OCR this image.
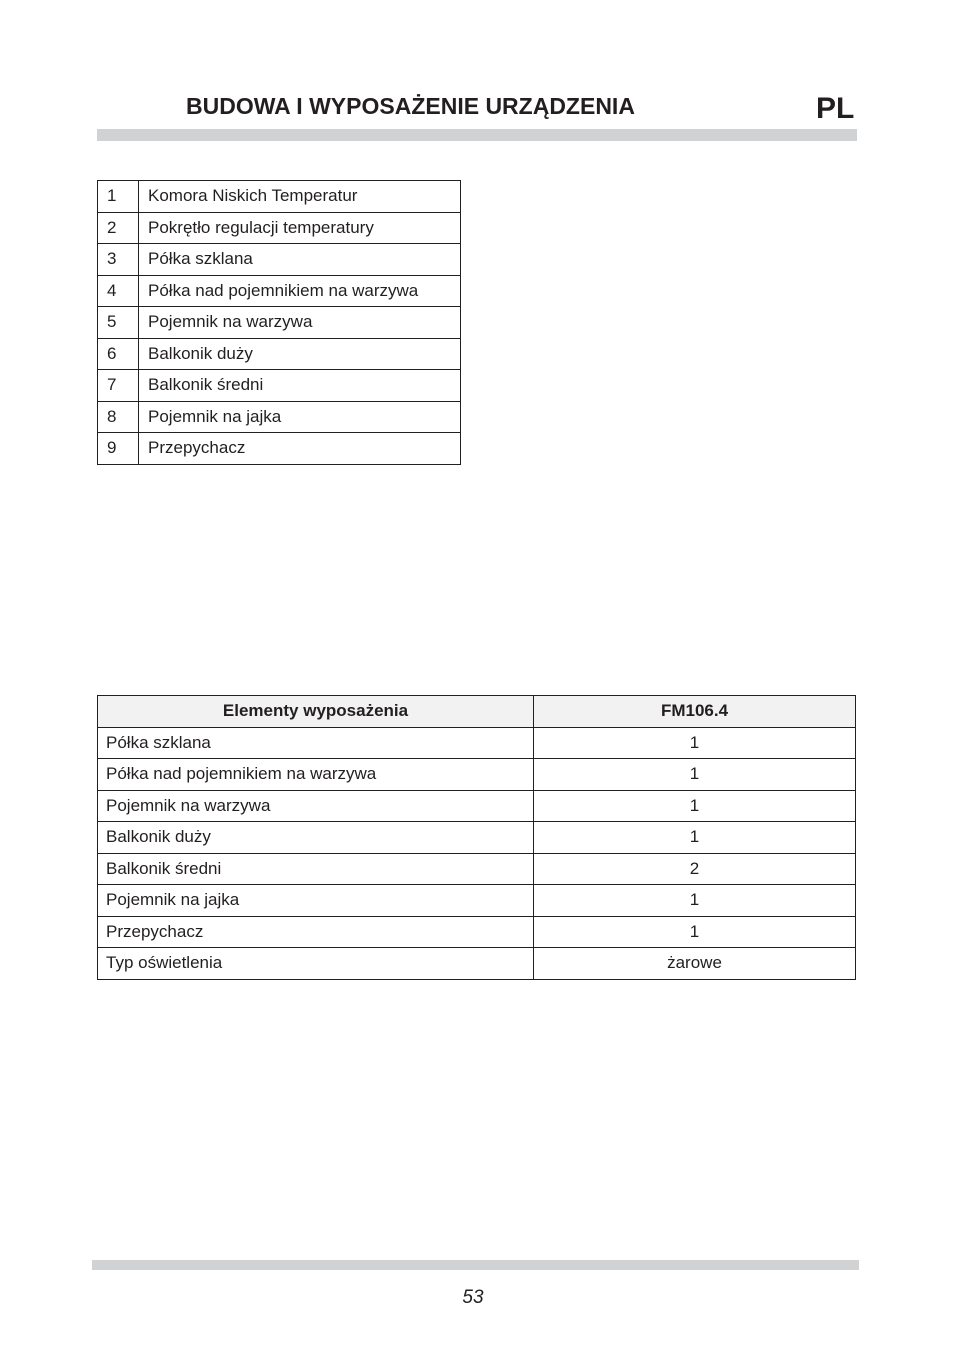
BUDOWA I WYPOSAŻENIE URZĄDZENIA	PL
1	Komora Niskich Temperatur
2	Pokrętło regulacji temperatury
3	Półka szklana
4	Półka nad pojemnikiem na warzywa
5	Pojemnik na warzywa
6	Balkonik duży
7	Balkonik średni
8	Pojemnik na jajka
9	Przepychacz
Elementy wyposażenia	FM106.4
Półka szklana	1
Półka nad pojemnikiem na warzywa	1
Pojemnik na warzywa	1
Balkonik duży	1
Balkonik średni	2
Pojemnik na jajka	1
Przepychacz	1
Typ oświetlenia	żarowe
53
